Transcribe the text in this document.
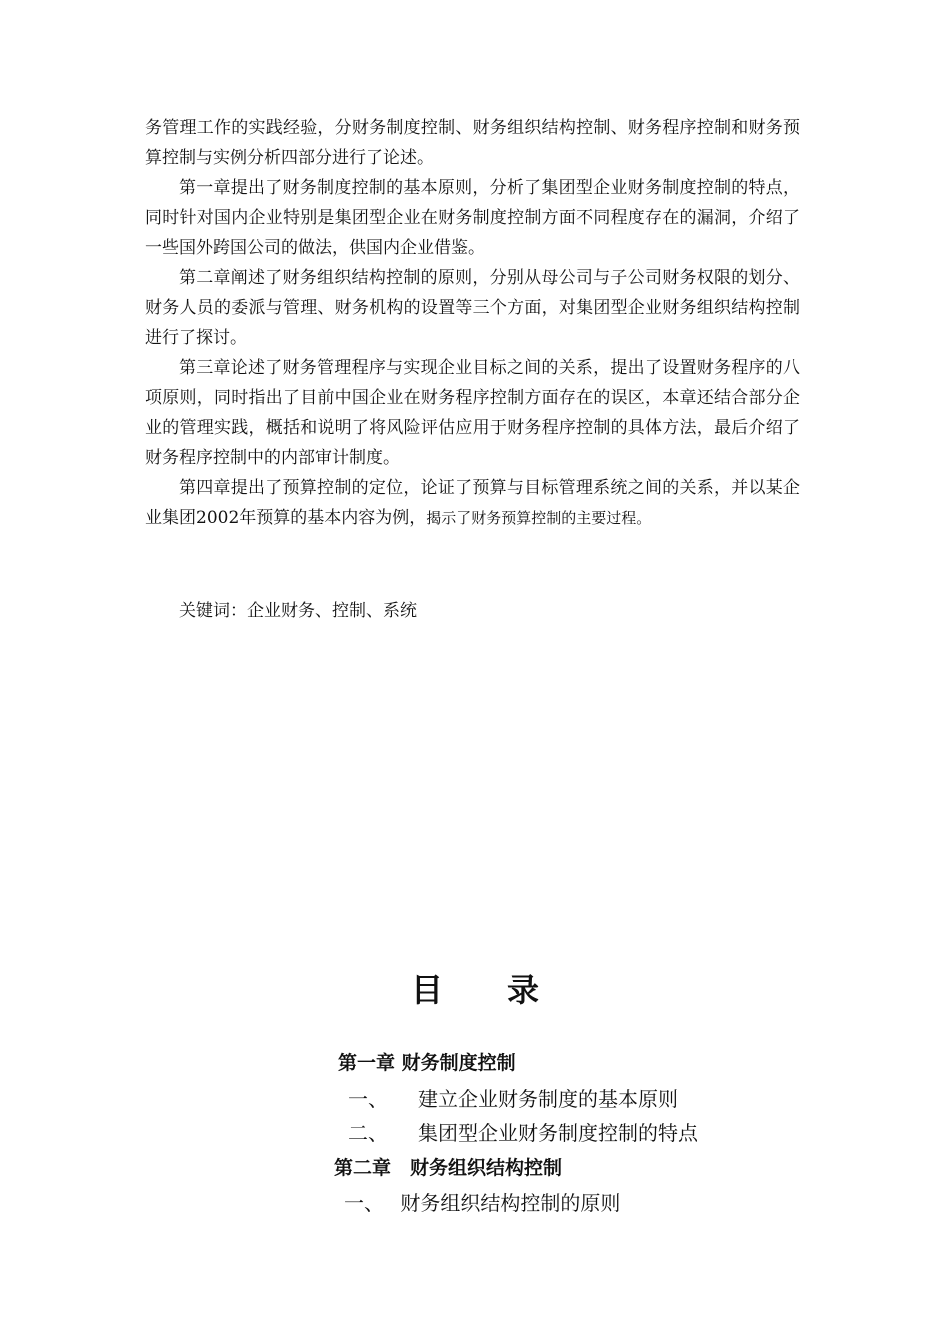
务管理工作的实践经验，分财务制度控制、财务组织结构控制、财务程序控制和财务预算控制与实例分析四部分进行了论述。

第一章提出了财务制度控制的基本原则，分析了集团型企业财务制度控制的特点，同时针对国内企业特别是集团型企业在财务制度控制方面不同程度存在的漏洞，介绍了一些国外跨国公司的做法，供国内企业借鉴。

第二章阐述了财务组织结构控制的原则，分别从母公司与子公司财务权限的划分、财务人员的委派与管理、财务机构的设置等三个方面，对集团型企业财务组织结构控制进行了探讨。

第三章论述了财务管理程序与实现企业目标之间的关系，提出了设置财务程序的八项原则，同时指出了目前中国企业在财务程序控制方面存在的误区，本章还结合部分企业的管理实践，概括和说明了将风险评估应用于财务程序控制的具体方法，最后介绍了财务程序控制中的内部审计制度。

第四章提出了预算控制的定位，论证了预算与目标管理系统之间的关系，并以某企业集团2002年预算的基本内容为例，揭示了财务预算控制的主要过程。

关键词：企业财务、控制、系统
目　　录
第一章 财务制度控制
一、　　建立企业财务制度的基本原则
二、　　集团型企业财务制度控制的特点
第二章　财务组织结构控制
一、　 财务组织结构控制的原则
